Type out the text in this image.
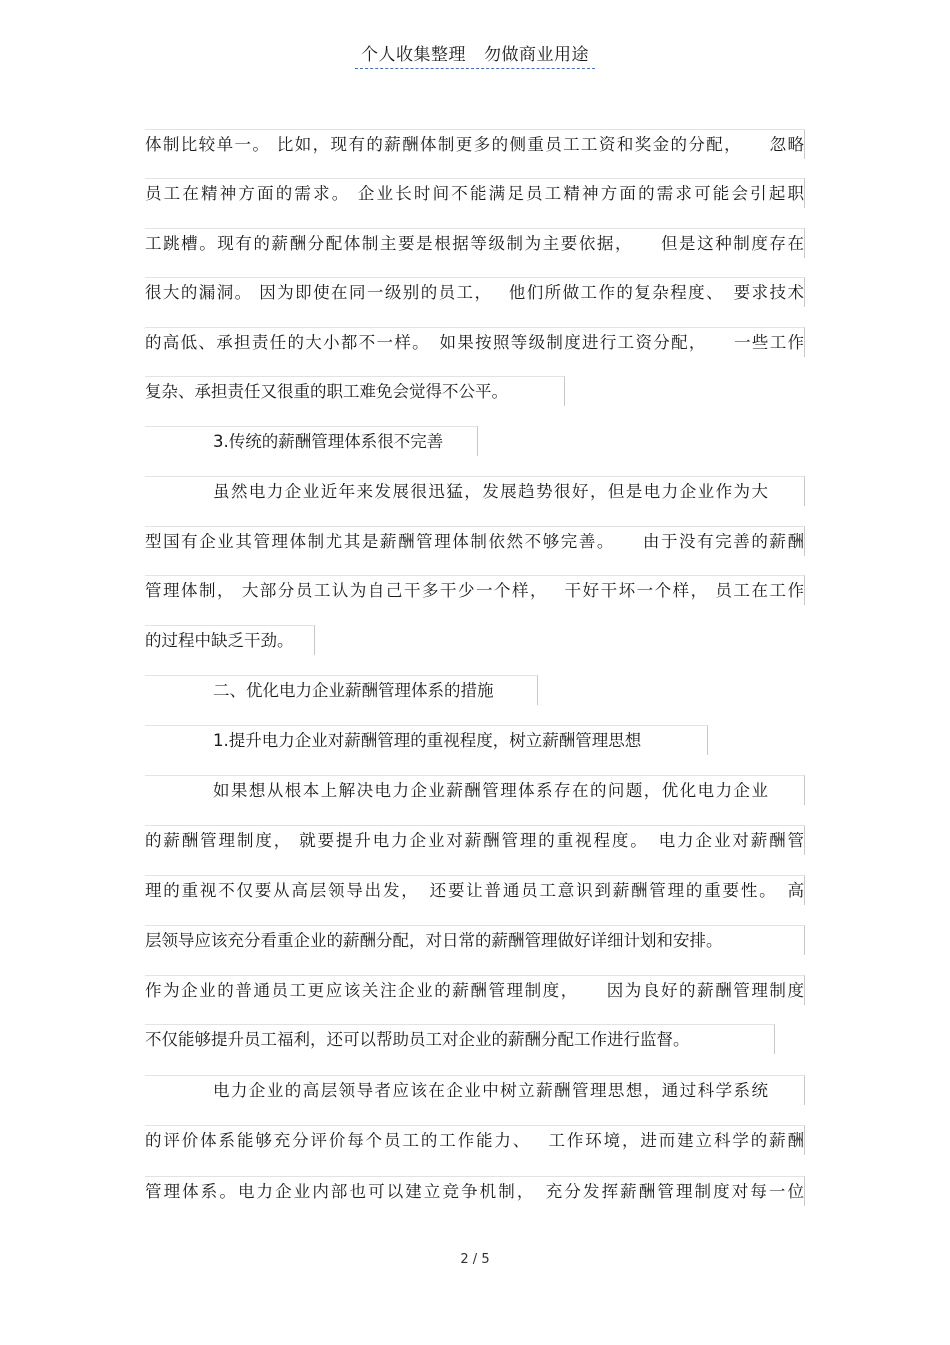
个人收集整理 勿做商业用途
体制比较单一。 比如，现有的薪酬体制更多的侧重员工工资和奖金的分配，　　忽略
员工在精神方面的需求。 企业长时间不能满足员工精神方面的需求可能会引起职
工跳槽。现有的薪酬分配体制主要是根据等级制为主要依据，　　但是这种制度存在
很大的漏洞。 因为即使在同一级别的员工，　 他们所做工作的复杂程度、　要求技术
的高低、承担责任的大小都不一样。　如果按照等级制度进行工资分配，　　一些工作
复杂、承担责任又很重的职工难免会觉得不公平。
3.传统的薪酬管理体系很不完善
虽然电力企业近年来发展很迅猛，发展趋势很好，但是电力企业作为大
型国有企业其管理体制尤其是薪酬管理体制依然不够完善。　　由于没有完善的薪酬
管理体制， 大部分员工认为自己干多干少一个样，　 干好干坏一个样， 员工在工作
的过程中缺乏干劲。
二、优化电力企业薪酬管理体系的措施
1.提升电力企业对薪酬管理的重视程度，树立薪酬管理思想
如果想从根本上解决电力企业薪酬管理体系存在的问题，优化电力企业
的薪酬管理制度， 就要提升电力企业对薪酬管理的重视程度。　电力企业对薪酬管
理的重视不仅要从高层领导出发，　还要让普通员工意识到薪酬管理的重要性。　高
层领导应该充分看重企业的薪酬分配，对日常的薪酬管理做好详细计划和安排。
作为企业的普通员工更应该关注企业的薪酬管理制度，　　因为良好的薪酬管理制度
不仅能够提升员工福利，还可以帮助员工对企业的薪酬分配工作进行监督。
电力企业的高层领导者应该在企业中树立薪酬管理思想，通过科学系统
的评价体系能够充分评价每个员工的工作能力、　 工作环境，进而建立科学的薪酬
管理体系。电力企业内部也可以建立竞争机制，　充分发挥薪酬管理制度对每一位
2 / 5
